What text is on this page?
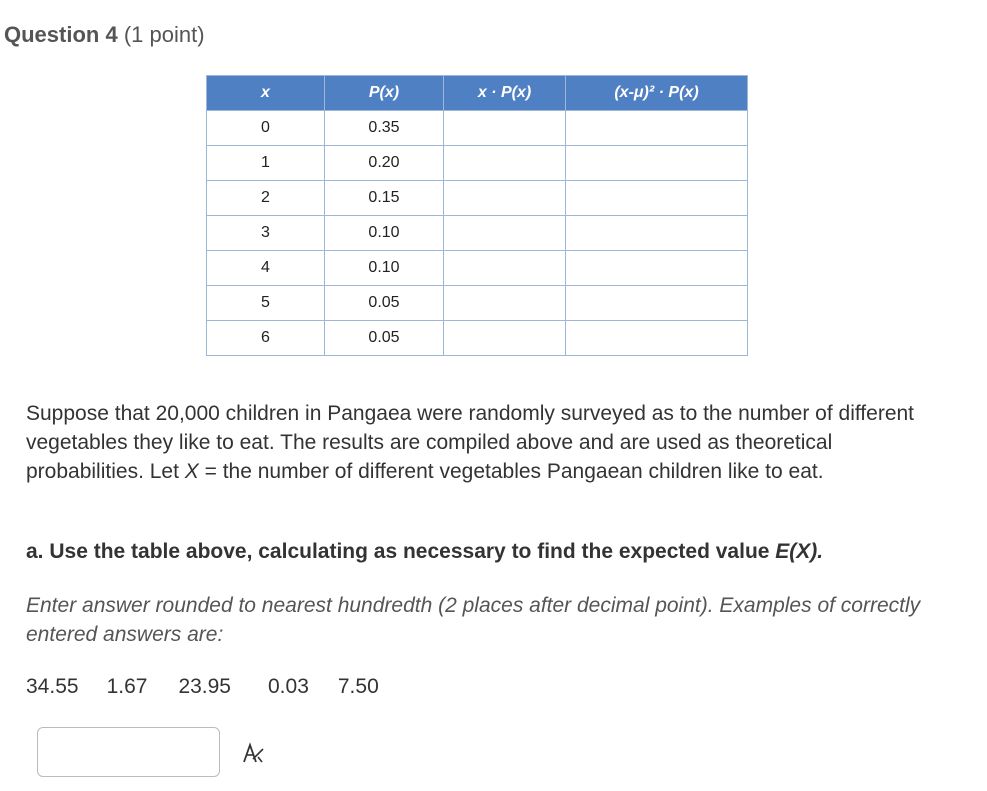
Question 4 (1 point)
x	P(x)	x · P(x)	(x-μ)² · P(x)
0	0.35		
1	0.20		
2	0.15		
3	0.10		
4	0.10		
5	0.05		
6	0.05		
Suppose that 20,000 children in Pangaea were randomly surveyed as to the number of different vegetables they like to eat. The results are compiled above and are used as theoretical probabilities. Let X = the number of different vegetables Pangaean children like to eat.
a. Use the table above, calculating as necessary to find the expected value E(X).
Enter answer rounded to nearest hundredth (2 places after decimal point). Examples of correctly entered answers are:
34.55 1.67 23.95 0.03 7.50
